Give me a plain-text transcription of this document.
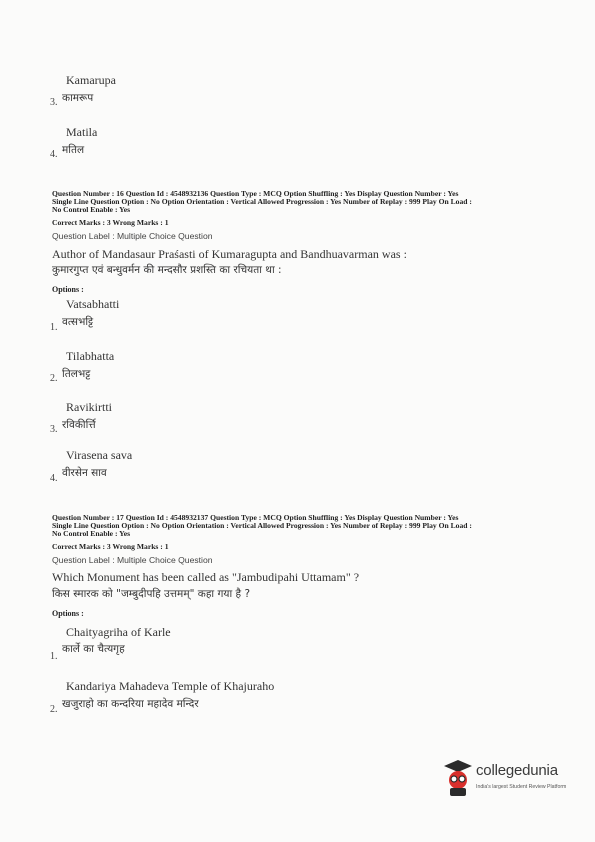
Kamarupa
3. कामरूप
Matila
4. मतिल
Question Number : 16 Question Id : 4548932136 Question Type : MCQ Option Shuffling : Yes Display Question Number : Yes
Single Line Question Option : No Option Orientation : Vertical Allowed Progression : Yes Number of Replay : 999 Play On Load :
No Control Enable : Yes
Correct Marks : 3 Wrong Marks : 1
Question Label : Multiple Choice Question
Author of Mandasaur Praśasti of Kumaragupta and Bandhuavarman was :
कुमारगुप्त एवं बन्धुवर्मन की मन्दसौर प्रशस्ति का रचियता था :
Options :
Vatsabhatti
1. वत्सभट्टि
Tilabhatta
2. तिलभट्ट
Ravikirtti
3. रविकीर्त्ति
Virasena sava
4. वीरसेन साव
Question Number : 17 Question Id : 4548932137 Question Type : MCQ Option Shuffling : Yes Display Question Number : Yes
Single Line Question Option : No Option Orientation : Vertical Allowed Progression : Yes Number of Replay : 999 Play On Load :
No Control Enable : Yes
Correct Marks : 3 Wrong Marks : 1
Question Label : Multiple Choice Question
Which Monument has been called as "Jambudipahi Uttamam" ?
किस स्मारक को "जम्बुदीपहि उत्तमम्" कहा गया है ?
Options :
Chaityagriha of Karle
1.
कार्ले का चैत्यगृह
Kandariya Mahadeva Temple of Khajuraho
2. खजुराहो का कन्दरिया महादेव मन्दिर
collegedunia
India's largest Student Review Platform
